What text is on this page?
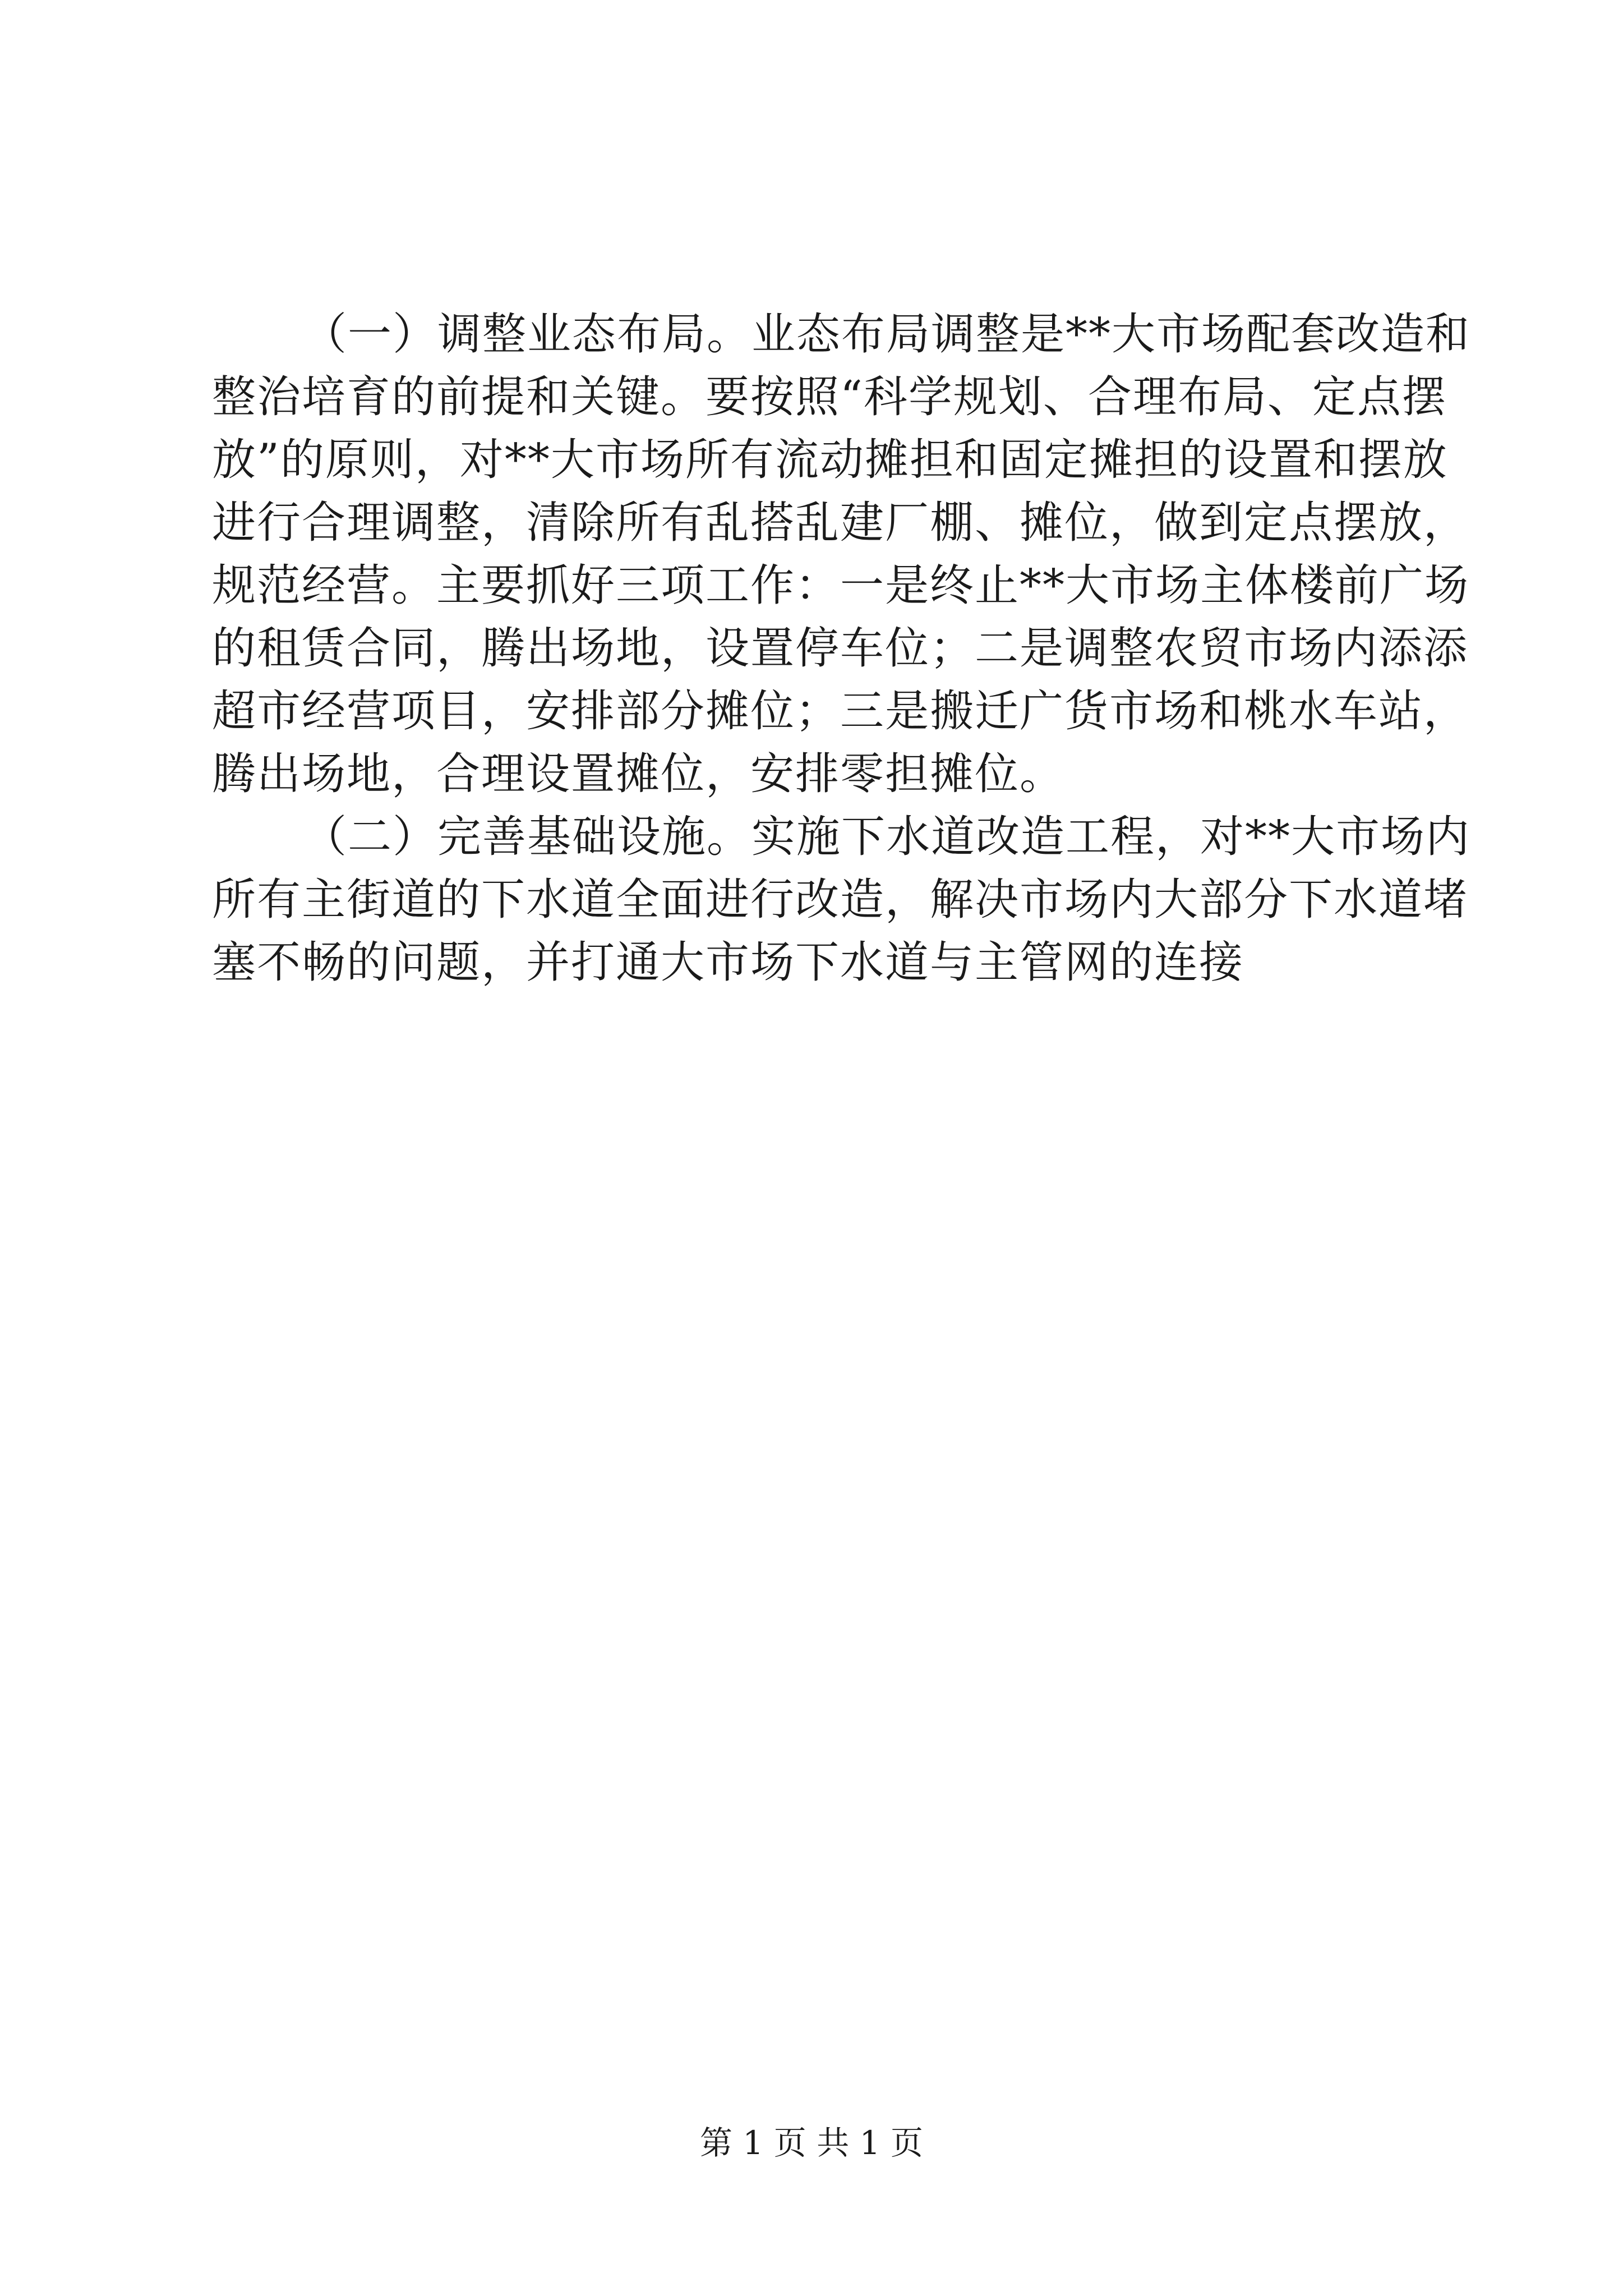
（一）调整业态布局。业态布局调整是**大市场配套改造和
整治培育的前提和关键。要按照“科学规划、合理布局、定点摆
放”的原则，对**大市场所有流动摊担和固定摊担的设置和摆放
进行合理调整，清除所有乱搭乱建厂棚、摊位，做到定点摆放，
规范经营。主要抓好三项工作：一是终止**大市场主体楼前广场
的租赁合同，腾出场地，设置停车位；二是调整农贸市场内添添
超市经营项目，安排部分摊位；三是搬迁广货市场和桃水车站，
腾出场地，合理设置摊位，安排零担摊位。
（二）完善基础设施。实施下水道改造工程，对**大市场内
所有主街道的下水道全面进行改造，解决市场内大部分下水道堵
塞不畅的问题，并打通大市场下水道与主管网的连接
第 1 页 共 1 页
